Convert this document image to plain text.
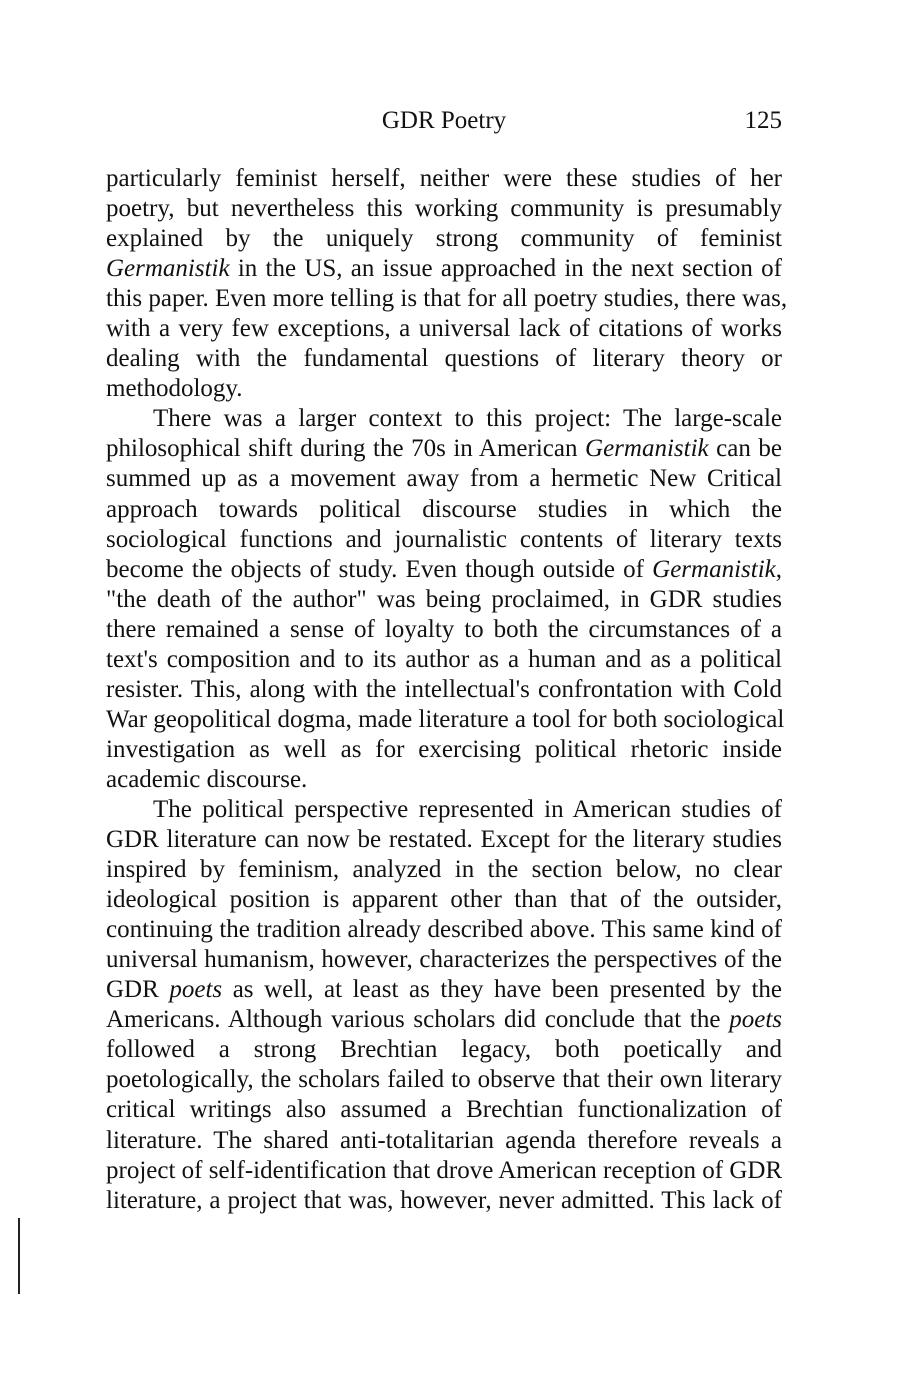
GDR Poetry	125
particularly feminist herself, neither were these studies of her
poetry, but nevertheless this working community is presumably
explained by the uniquely strong community of feminist
Germanistik in the US, an issue approached in the next section of
this paper. Even more telling is that for all poetry studies, there was,
with a very few exceptions, a universal lack of citations of works
dealing with the fundamental questions of literary theory or
methodology.
There was a larger context to this project: The large-scale
philosophical shift during the 70s in American Germanistik can be
summed up as a movement away from a hermetic New Critical
approach towards political discourse studies in which the
sociological functions and journalistic contents of literary texts
become the objects of study. Even though outside of Germanistik,
"the death of the author" was being proclaimed, in GDR studies
there remained a sense of loyalty to both the circumstances of a
text's composition and to its author as a human and as a political
resister. This, along with the intellectual's confrontation with Cold
War geopolitical dogma, made literature a tool for both sociological
investigation as well as for exercising political rhetoric inside
academic discourse.
The political perspective represented in American studies of
GDR literature can now be restated. Except for the literary studies
inspired by feminism, analyzed in the section below, no clear
ideological position is apparent other than that of the outsider,
continuing the tradition already described above. This same kind of
universal humanism, however, characterizes the perspectives of the
GDR poets as well, at least as they have been presented by the
Americans. Although various scholars did conclude that the poets
followed a strong Brechtian legacy, both poetically and
poetologically, the scholars failed to observe that their own literary
critical writings also assumed a Brechtian functionalization of
literature. The shared anti-totalitarian agenda therefore reveals a
project of self-identification that drove American reception of GDR
literature, a project that was, however, never admitted. This lack of
